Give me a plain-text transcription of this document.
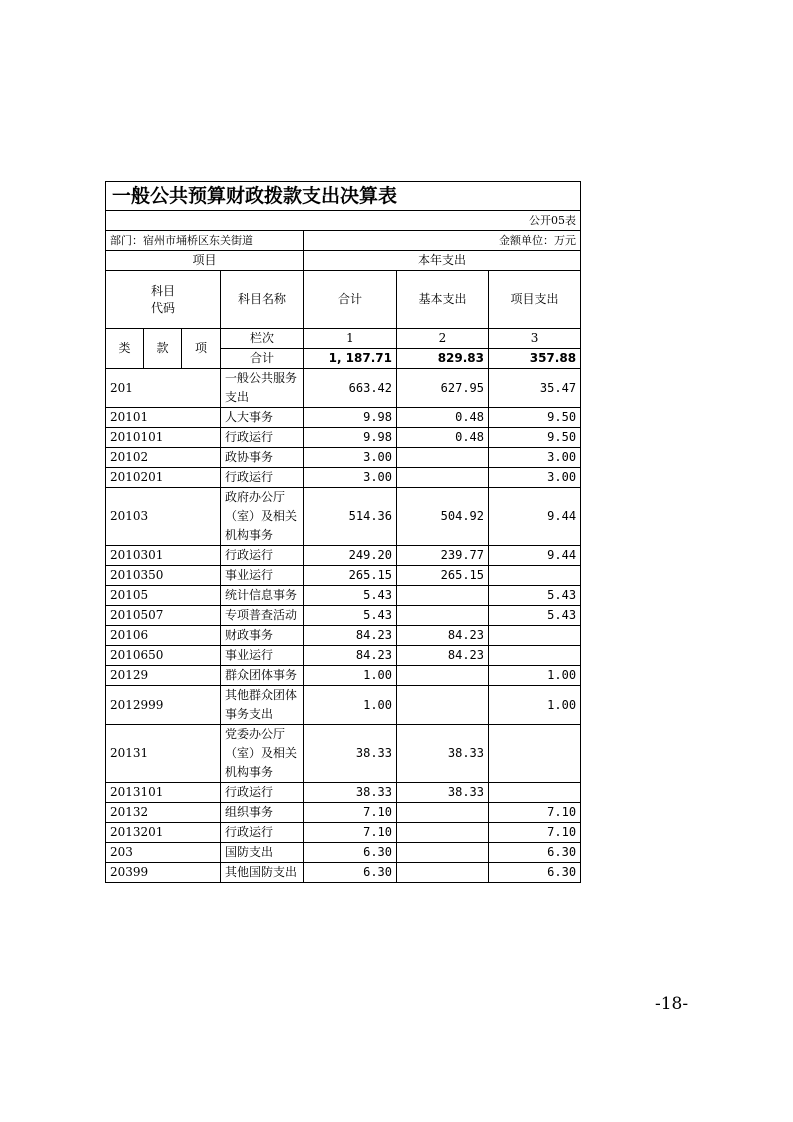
一般公共预算财政拨款支出决算表						
公开05表						
部门：宿州市埇桥区东关街道				金额单位：万元		
项目				本年支出		
科目
代码			科目名称	合计	基本支出	项目支出
类	款	项	栏次	1	2	3
			合计	1, 187.71	829.83	357.88
201			一般公共服务支出	663.42	627.95	35.47
20101			人大事务	9.98	0.48	9.50
2010101			行政运行	9.98	0.48	9.50
20102			政协事务	3.00		3.00
2010201			行政运行	3.00		3.00
20103			政府办公厅（室）及相关机构事务	514.36	504.92	9.44
2010301			行政运行	249.20	239.77	9.44
2010350			事业运行	265.15	265.15	
20105			统计信息事务	5.43		5.43
2010507			专项普查活动	5.43		5.43
20106			财政事务	84.23	84.23	
2010650			事业运行	84.23	84.23	
20129			群众团体事务	1.00		1.00
2012999			其他群众团体事务支出	1.00		1.00
20131			党委办公厅（室）及相关机构事务	38.33	38.33	
2013101			行政运行	38.33	38.33	
20132			组织事务	7.10		7.10
2013201			行政运行	7.10		7.10
203			国防支出	6.30		6.30
20399			其他国防支出	6.30		6.30
-18-
